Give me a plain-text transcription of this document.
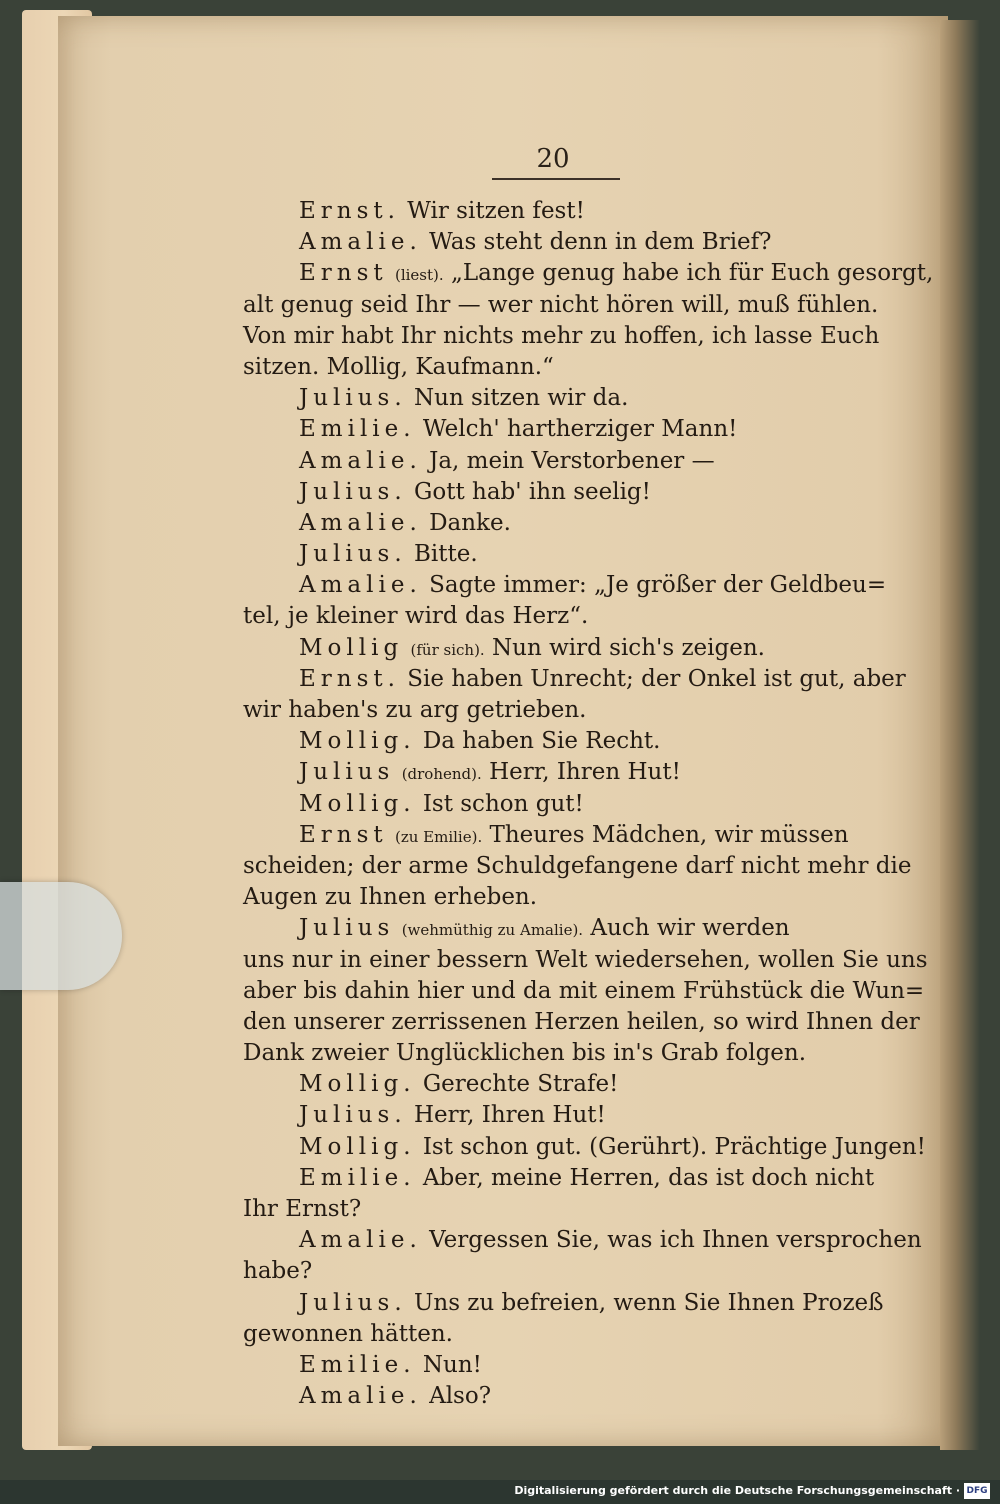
20
Ernst. Wir sitzen fest!
Amalie. Was steht denn in dem Brief?
Ernst (liest). „Lange genug habe ich für Euch gesorgt,
alt genug seid Ihr — wer nicht hören will, muß fühlen.
Von mir habt Ihr nichts mehr zu hoffen, ich lasse Euch
sitzen. Mollig, Kaufmann.“
Julius. Nun sitzen wir da.
Emilie. Welch' hartherziger Mann!
Amalie. Ja, mein Verstorbener —
Julius. Gott hab' ihn seelig!
Amalie. Danke.
Julius. Bitte.
Amalie. Sagte immer: „Je größer der Geldbeu=
tel, je kleiner wird das Herz“.
Mollig (für sich). Nun wird sich's zeigen.
Ernst. Sie haben Unrecht; der Onkel ist gut, aber
wir haben's zu arg getrieben.
Mollig. Da haben Sie Recht.
Julius (drohend). Herr, Ihren Hut!
Mollig. Ist schon gut!
Ernst (zu Emilie). Theures Mädchen, wir müssen
scheiden; der arme Schuldgefangene darf nicht mehr die
Augen zu Ihnen erheben.
Julius (wehmüthig zu Amalie). Auch wir werden
uns nur in einer bessern Welt wiedersehen, wollen Sie uns
aber bis dahin hier und da mit einem Frühstück die Wun=
den unserer zerrissenen Herzen heilen, so wird Ihnen der
Dank zweier Unglücklichen bis in's Grab folgen.
Mollig. Gerechte Strafe!
Julius. Herr, Ihren Hut!
Mollig. Ist schon gut. (Gerührt). Prächtige Jungen!
Emilie. Aber, meine Herren, das ist doch nicht
Ihr Ernst?
Amalie. Vergessen Sie, was ich Ihnen versprochen
habe?
Julius. Uns zu befreien, wenn Sie Ihnen Prozeß
gewonnen hätten.
Emilie. Nun!
Amalie. Also?
Digitalisierung gefördert durch die Deutsche Forschungsgemeinschaft · DFG
